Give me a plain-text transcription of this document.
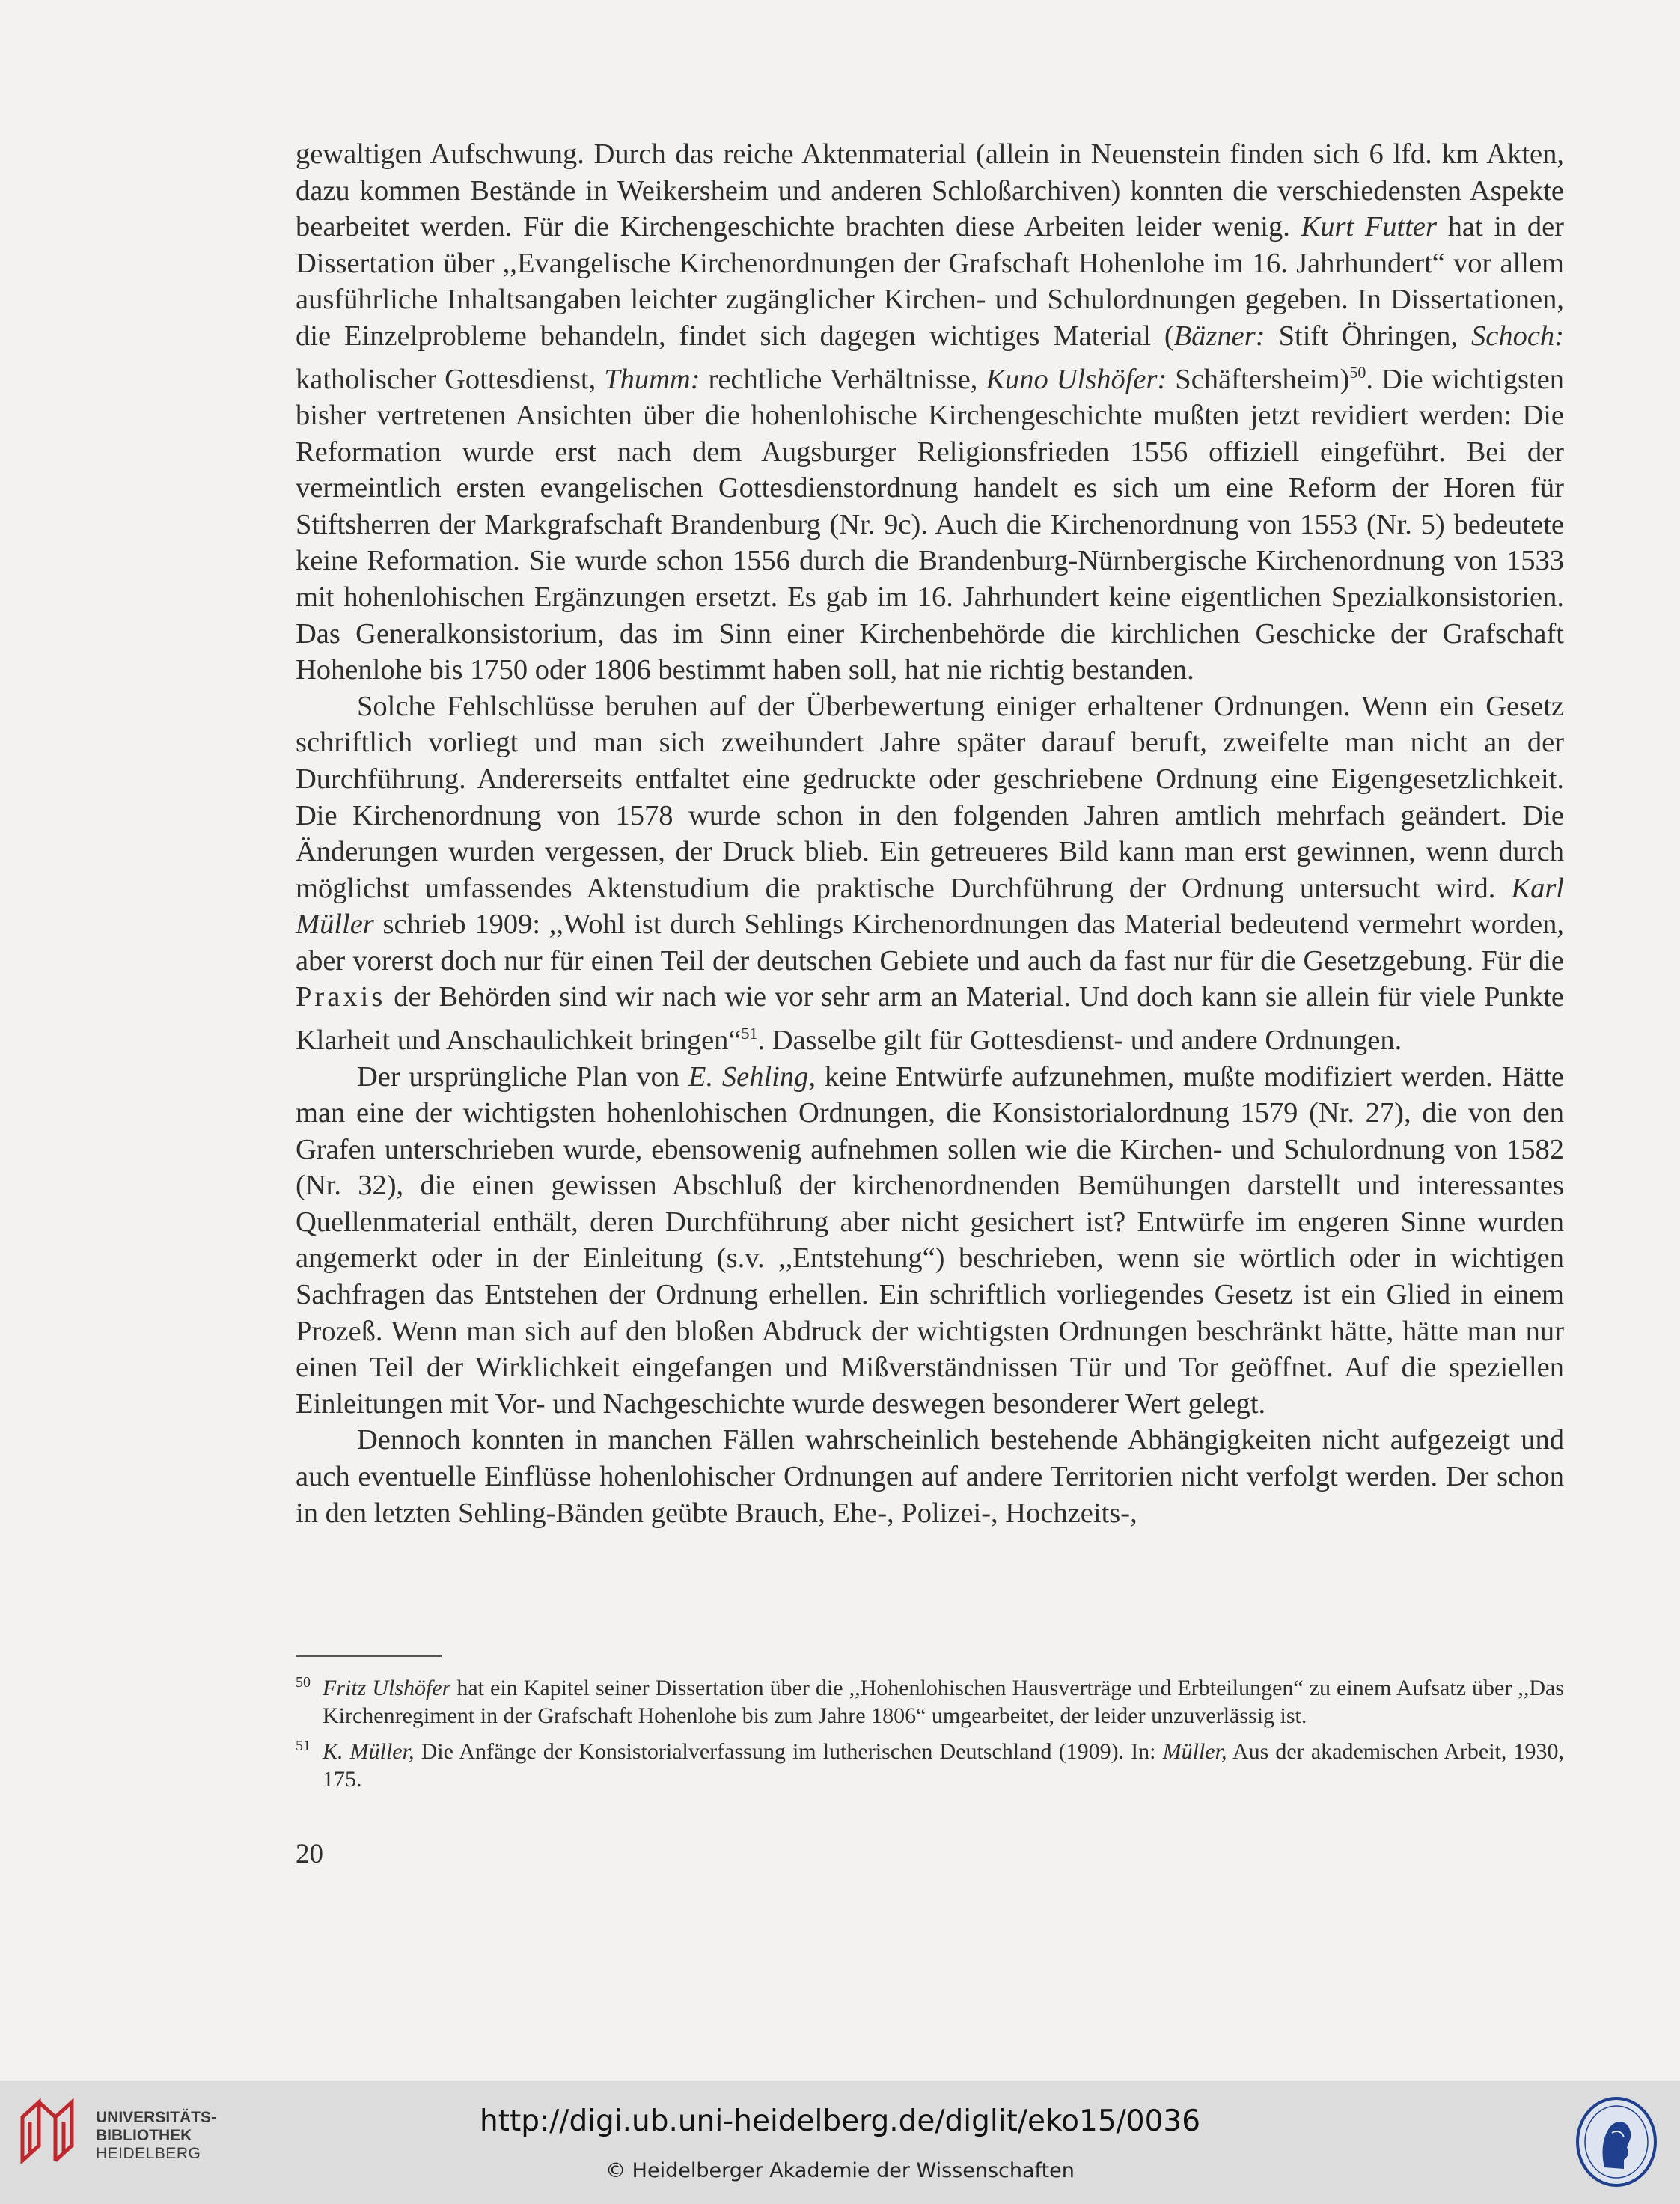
gewaltigen Aufschwung. Durch das reiche Aktenmaterial (allein in Neuenstein finden sich 6 lfd. km Akten, dazu kommen Bestände in Weikersheim und anderen Schloßarchiven) konnten die verschiedensten Aspekte bearbeitet werden. Für die Kirchengeschichte brachten diese Arbeiten leider wenig. Kurt Futter hat in der Dissertation über ,,Evangelische Kirchenordnungen der Grafschaft Hohenlohe im 16. Jahrhundert“ vor allem ausführliche Inhaltsangaben leichter zugänglicher Kirchen- und Schulordnungen gegeben. In Dissertationen, die Einzelprobleme behandeln, findet sich dagegen wichtiges Material (Bäzner: Stift Öhringen, Schoch: katholischer Gottesdienst, Thumm: rechtliche Verhältnisse, Kuno Ulshöfer: Schäftersheim)$^{50}$. Die wichtigsten bisher vertretenen Ansichten über die hohenlohische Kirchengeschichte mußten jetzt revidiert werden: Die Reformation wurde erst nach dem Augsburger Religionsfrieden 1556 offiziell eingeführt. Bei der vermeintlich ersten evangelischen Gottesdienstordnung handelt es sich um eine Reform der Horen für Stiftsherren der Markgrafschaft Brandenburg (Nr. 9c). Auch die Kirchenordnung von 1553 (Nr. 5) bedeutete keine Reformation. Sie wurde schon 1556 durch die Brandenburg-Nürnbergische Kirchenordnung von 1533 mit hohenlohischen Ergänzungen ersetzt. Es gab im 16. Jahrhundert keine eigentlichen Spezialkonsistorien. Das Generalkonsistorium, das im Sinn einer Kirchenbehörde die kirchlichen Geschicke der Grafschaft Hohenlohe bis 1750 oder 1806 bestimmt haben soll, hat nie richtig bestanden.

Solche Fehlschlüsse beruhen auf der Überbewertung einiger erhaltener Ordnungen. Wenn ein Gesetz schriftlich vorliegt und man sich zweihundert Jahre später darauf beruft, zweifelte man nicht an der Durchführung. Andererseits entfaltet eine gedruckte oder geschriebene Ordnung eine Eigengesetzlichkeit. Die Kirchenordnung von 1578 wurde schon in den folgenden Jahren amtlich mehrfach geändert. Die Änderungen wurden vergessen, der Druck blieb. Ein getreueres Bild kann man erst gewinnen, wenn durch möglichst umfassendes Aktenstudium die praktische Durchführung der Ordnung untersucht wird. Karl Müller schrieb 1909: ,,Wohl ist durch Sehlings Kirchenordnungen das Material bedeutend vermehrt worden, aber vorerst doch nur für einen Teil der deutschen Gebiete und auch da fast nur für die Gesetzgebung. Für die Praxis der Behörden sind wir nach wie vor sehr arm an Material. Und doch kann sie allein für viele Punkte Klarheit und Anschaulichkeit bringen“$^{51}$. Dasselbe gilt für Gottesdienst- und andere Ordnungen.

Der ursprüngliche Plan von E. Sehling, keine Entwürfe aufzunehmen, mußte modifiziert werden. Hätte man eine der wichtigsten hohenlohischen Ordnungen, die Konsistorialordnung 1579 (Nr. 27), die von den Grafen unterschrieben wurde, ebensowenig aufnehmen sollen wie die Kirchen- und Schulordnung von 1582 (Nr. 32), die einen gewissen Abschluß der kirchenordnenden Bemühungen darstellt und interessantes Quellenmaterial enthält, deren Durchführung aber nicht gesichert ist? Entwürfe im engeren Sinne wurden angemerkt oder in der Einleitung (s.v. ,,Entstehung“) beschrieben, wenn sie wörtlich oder in wichtigen Sachfragen das Entstehen der Ordnung erhellen. Ein schriftlich vorliegendes Gesetz ist ein Glied in einem Prozeß. Wenn man sich auf den bloßen Abdruck der wichtigsten Ordnungen beschränkt hätte, hätte man nur einen Teil der Wirklichkeit eingefangen und Mißverständnissen Tür und Tor geöffnet. Auf die speziellen Einleitungen mit Vor- und Nachgeschichte wurde deswegen besonderer Wert gelegt.

Dennoch konnten in manchen Fällen wahrscheinlich bestehende Abhängigkeiten nicht aufgezeigt und auch eventuelle Einflüsse hohenlohischer Ordnungen auf andere Territorien nicht verfolgt werden. Der schon in den letzten Sehling-Bänden geübte Brauch, Ehe-, Polizei-, Hochzeits-,

50 Fritz Ulshöfer hat ein Kapitel seiner Dissertation über die ,,Hohenlohischen Hausverträge und Erbteilungen“ zu einem Aufsatz über ,,Das Kirchenregiment in der Grafschaft Hohenlohe bis zum Jahre 1806“ umgearbeitet, der leider unzuverlässig ist.
51 K. Müller, Die Anfänge der Konsistorialverfassung im lutherischen Deutschland (1909). In: Müller, Aus der akademischen Arbeit, 1930, 175.
20
UNIVERSITÄTS-
BIBLIOTHEK
HEIDELBERG
http://digi.ub.uni-heidelberg.de/diglit/eko15/0036
© Heidelberger Akademie der Wissenschaften
